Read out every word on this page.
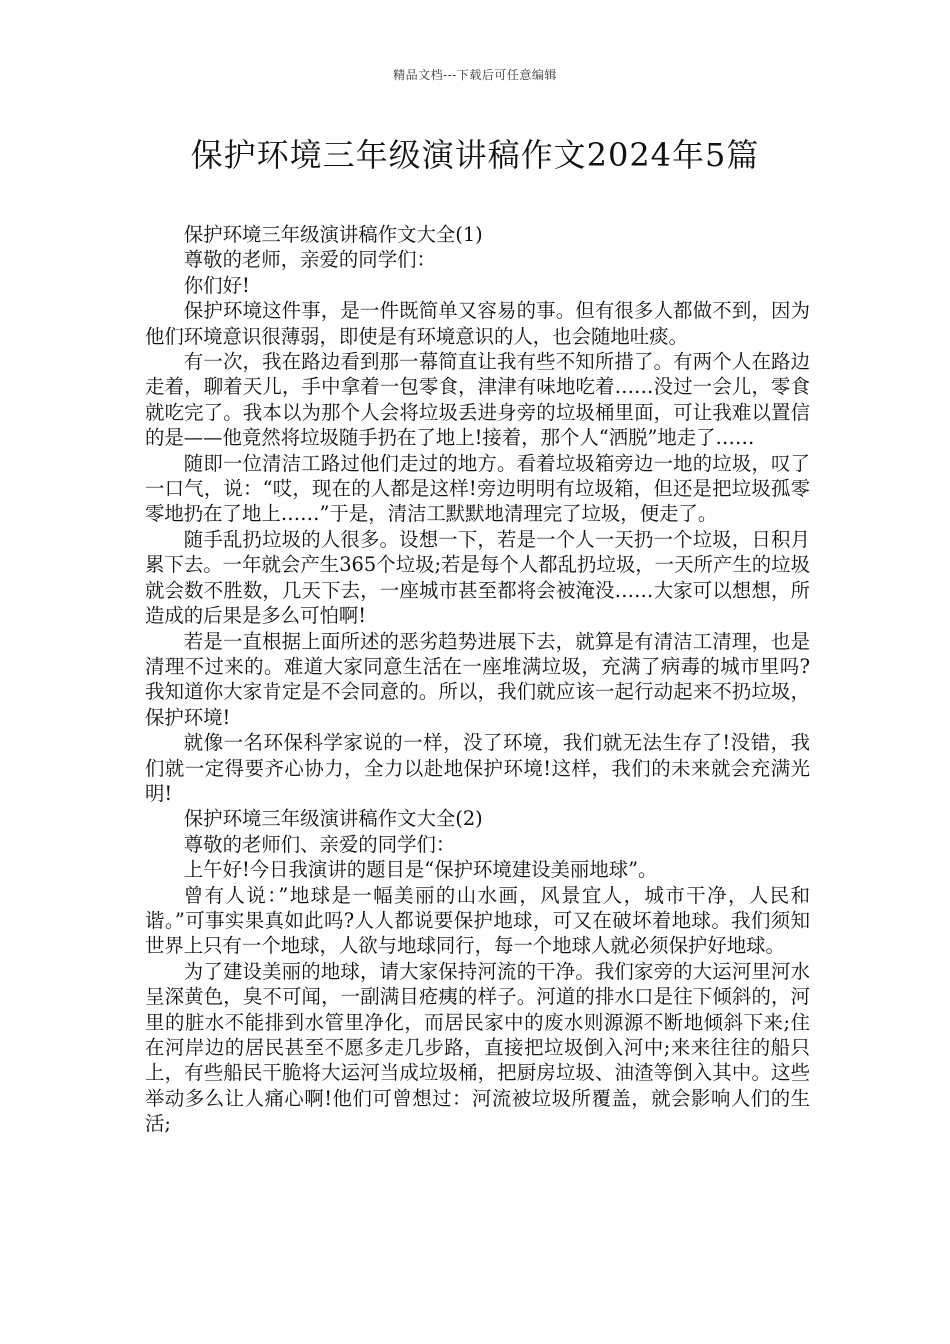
精品文档---下载后可任意编辑
保护环境三年级演讲稿作文2024年5篇

保护环境三年级演讲稿作文大全(1)

尊敬的老师，亲爱的同学们：

你们好!

保护环境这件事，是一件既简单又容易的事。但有很多人都做不到，因为他们环境意识很薄弱，即使是有环境意识的人，也会随地吐痰。

有一次，我在路边看到那一幕简直让我有些不知所措了。有两个人在路边走着，聊着天儿，手中拿着一包零食，津津有味地吃着……没过一会儿，零食就吃完了。我本以为那个人会将垃圾丢进身旁的垃圾桶里面，可让我难以置信的是——他竟然将垃圾随手扔在了地上!接着，那个人“洒脱”地走了……

随即一位清洁工路过他们走过的地方。看着垃圾箱旁边一地的垃圾，叹了一口气，说：“哎，现在的人都是这样!旁边明明有垃圾箱，但还是把垃圾孤零零地扔在了地上……”于是，清洁工默默地清理完了垃圾，便走了。

随手乱扔垃圾的人很多。设想一下，若是一个人一天扔一个垃圾，日积月累下去。一年就会产生365个垃圾;若是每个人都乱扔垃圾，一天所产生的垃圾就会数不胜数，几天下去，一座城市甚至都将会被淹没……大家可以想想，所造成的后果是多么可怕啊!

若是一直根据上面所述的恶劣趋势进展下去，就算是有清洁工清理，也是清理不过来的。难道大家同意生活在一座堆满垃圾，充满了病毒的城市里吗?我知道你大家肯定是不会同意的。所以，我们就应该一起行动起来不扔垃圾，保护环境!

就像一名环保科学家说的一样，没了环境，我们就无法生存了!没错，我们就一定得要齐心协力，全力以赴地保护环境!这样，我们的未来就会充满光明!

保护环境三年级演讲稿作文大全(2)

尊敬的老师们、亲爱的同学们：

上午好!今日我演讲的题目是“保护环境建设美丽地球”。

曾有人说：”地球是一幅美丽的山水画，风景宜人，城市干净，人民和谐。”可事实果真如此吗?人人都说要保护地球，可又在破坏着地球。我们须知世界上只有一个地球，人欲与地球同行，每一个地球人就必须保护好地球。

为了建设美丽的地球，请大家保持河流的干净。我们家旁的大运河里河水呈深黄色，臭不可闻，一副满目疮痍的样子。河道的排水口是往下倾斜的，河里的脏水不能排到水管里净化，而居民家中的废水则源源不断地倾斜下来;住在河岸边的居民甚至不愿多走几步路，直接把垃圾倒入河中;来来往往的船只上，有些船民干脆将大运河当成垃圾桶，把厨房垃圾、油渣等倒入其中。这些举动多么让人痛心啊!他们可曾想过：河流被垃圾所覆盖，就会影响人们的生活;
